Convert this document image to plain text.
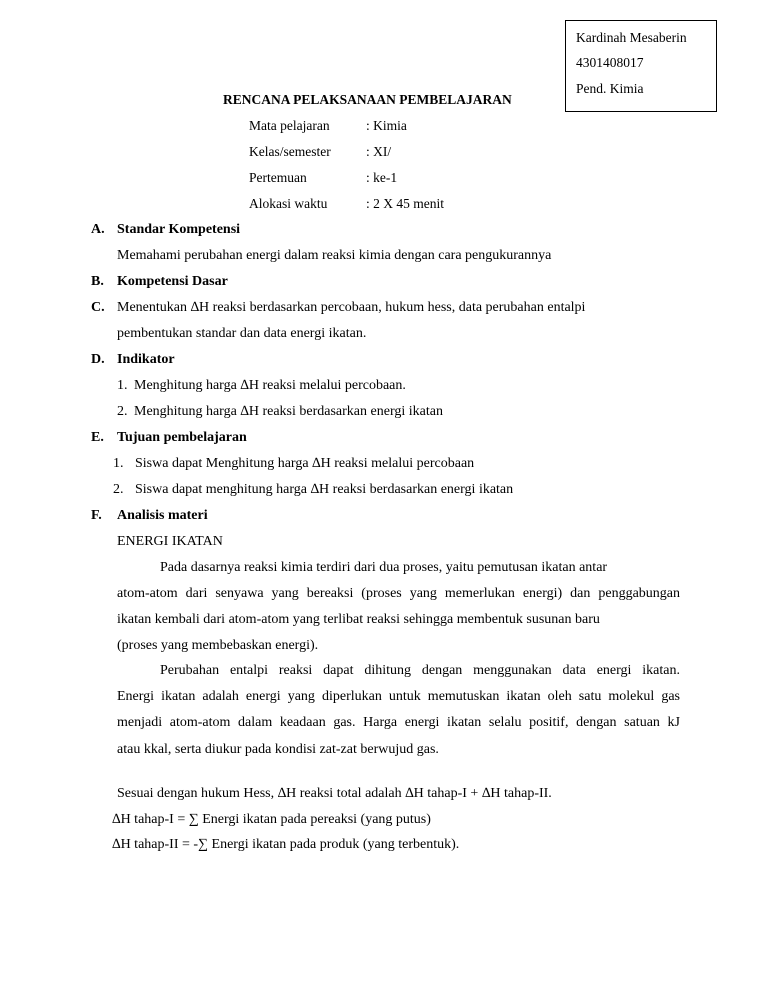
Kardinah Mesaberin
4301408017
Pend. Kimia
RENCANA PELAKSANAAN PEMBELAJARAN
Mata pelajaran	: Kimia
Kelas/semester	: XI/
Pertemuan	: ke-1
Alokasi waktu	: 2 X 45 menit
A. Standar Kompetensi
Memahami perubahan energi dalam reaksi kimia dengan cara pengukurannya
B. Kompetensi Dasar
C. Menentukan ∆H reaksi berdasarkan percobaan, hukum hess, data perubahan entalpi
pembentukan standar dan data energi ikatan.
D. Indikator
1. Menghitung harga ∆H reaksi melalui percobaan.
2. Menghitung harga ∆H reaksi berdasarkan energi ikatan
E. Tujuan pembelajaran
1. Siswa dapat Menghitung harga ∆H reaksi melalui percobaan
2. Siswa dapat menghitung harga ∆H reaksi berdasarkan energi ikatan
F. Analisis materi
ENERGI IKATAN
Pada dasarnya reaksi kimia terdiri dari dua proses, yaitu pemutusan ikatan antar
atom-atom dari senyawa yang bereaksi (proses yang memerlukan energi) dan penggabungan
ikatan kembali dari atom-atom yang terlibat reaksi sehingga membentuk susunan baru
(proses yang membebaskan energi).
Perubahan entalpi reaksi dapat dihitung dengan menggunakan data energi ikatan.
Energi ikatan adalah energi yang diperlukan untuk memutuskan ikatan oleh satu molekul gas
menjadi atom-atom dalam keadaan gas. Harga energi ikatan selalu positif, dengan satuan kJ
atau kkal, serta diukur pada kondisi zat-zat berwujud gas.
Sesuai dengan hukum Hess, ∆H reaksi total adalah ∆H tahap-I + ∆H tahap-II.
∆H tahap-I = ∑ Energi ikatan pada pereaksi (yang putus)
∆H tahap-II = -∑ Energi ikatan pada produk (yang terbentuk).
